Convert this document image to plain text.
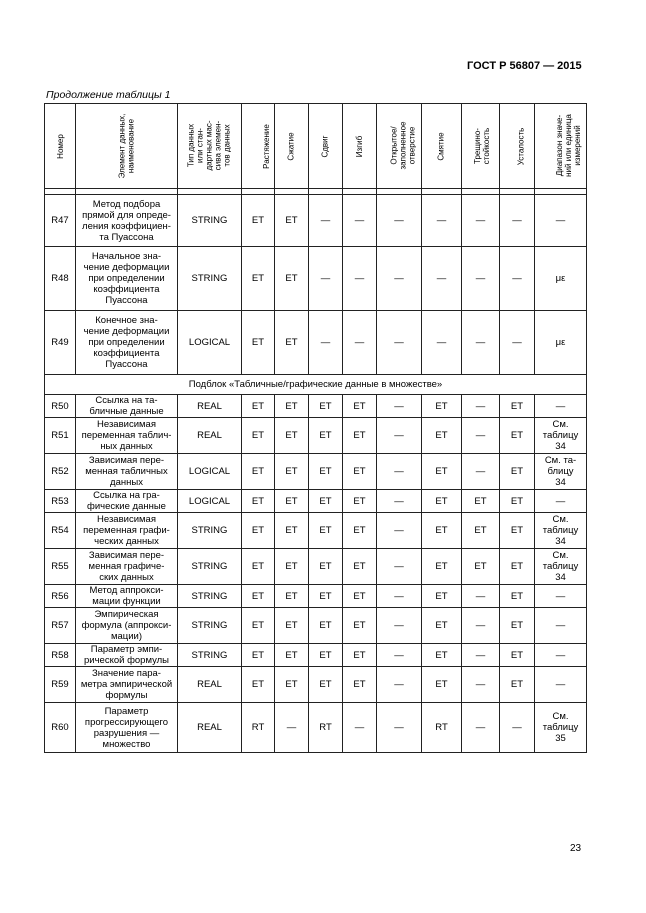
ГОСТ Р 56807 — 2015
Продолжение таблицы 1
Номер	Элемент данных,
наименование	Тип данных
или стан-
дартных мас-
сива элемен-
тов данных	Растяжение	Сжатие	Сдвиг	Изгиб	Открытое/
заполненное
отверстие	Смятие	Трещино-
стойкость	Усталость	Диапазон значе-
ний или единица
измерений

R47	Метод подбора
прямой для опреде-
ления коэффициен-
та Пуассона	STRING	ET	ET	—	—	—	—	—	—	—
R48	Начальное зна-
чение деформации
при определении
коэффициента
Пуассона	STRING	ET	ET	—	—	—	—	—	—	με
R49	Конечное зна-
чение деформации
при определении
коэффициента
Пуассона	LOGICAL	ET	ET	—	—	—	—	—	—	με
Подблок «Табличные/графические данные в множестве»											
R50	Ссылка на та-
бличные данные	REAL	ET	ET	ET	ET	—	ET	—	ET	—
R51	Независимая
переменная таблич-
ных данных	REAL	ET	ET	ET	ET	—	ET	—	ET	См.
таблицу
34
R52	Зависимая пере-
менная табличных
данных	LOGICAL	ET	ET	ET	ET	—	ET	—	ET	См. та-
блицу
34
R53	Ссылка на гра-
фические данные	LOGICAL	ET	ET	ET	ET	—	ET	ET	ET	—
R54	Независимая
переменная графи-
ческих данных	STRING	ET	ET	ET	ET	—	ET	ET	ET	См.
таблицу
34
R55	Зависимая пере-
менная графиче-
ских данных	STRING	ET	ET	ET	ET	—	ET	ET	ET	См.
таблицу
34
R56	Метод аппрокси-
мации функции	STRING	ET	ET	ET	ET	—	ET	—	ET	—
R57	Эмпирическая
формула (аппрокси-
мации)	STRING	ET	ET	ET	ET	—	ET	—	ET	—
R58	Параметр эмпи-
рической формулы	STRING	ET	ET	ET	ET	—	ET	—	ET	—
R59	Значение пара-
метра эмпирической
формулы	REAL	ET	ET	ET	ET	—	ET	—	ET	—
R60	Параметр
прогрессирующего
разрушения —
множество	REAL	RT	—	RT	—	—	RT	—	—	См.
таблицу
35
23
